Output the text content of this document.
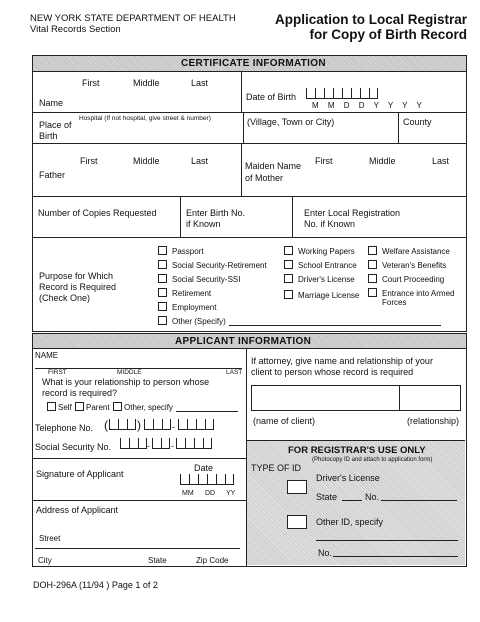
NEW YORK STATE DEPARTMENT OF HEALTH
Vital Records Section
Application to Local Registrar
for Copy of Birth Record
CERTIFICATE INFORMATION
First	Middle	Last
Name
Date of Birth
M M D D Y Y Y Y
Hospital (If not hospital, give street & number)
Place of
Birth
(Village, Town or City)	County
First	Middle	Last
Father
Maiden Name
of Mother
First	Middle	Last
Number of Copies Requested	Enter Birth No.
if Known
Enter Local Registration
No. if Known
Purpose for Which
Record is Required
(Check One)
Passport
Social Security-Retirement
Social Security-SSI
Retirement
Employment
Other (Specify)
Working Papers
School Entrance
Driver's License
Marriage License
Welfare Assistance
Veteran's Benefits
Court Proceeding
Entrance into Armed
Forces
APPLICANT INFORMATION
NAME
FIRST	MIDDLE	LAST
What is your relationship to person whose
record is required?
Self Parent Other, specify
Telephone No. ( )	-
Social Security No.	- -
Signature of Applicant
Date
MM DD YY
Address of Applicant
Street
City	State	Zip Code
If attorney, give name and relationship of your
client to person whose record is required
(name of client)	(relationship)
FOR REGISTRAR'S USE ONLY
(Photocopy ID and attach to application form)
TYPE OF ID
Driver's License
State	No.
Other ID, specify
No.
DOH-296A (11/94 ) Page 1 of 2
